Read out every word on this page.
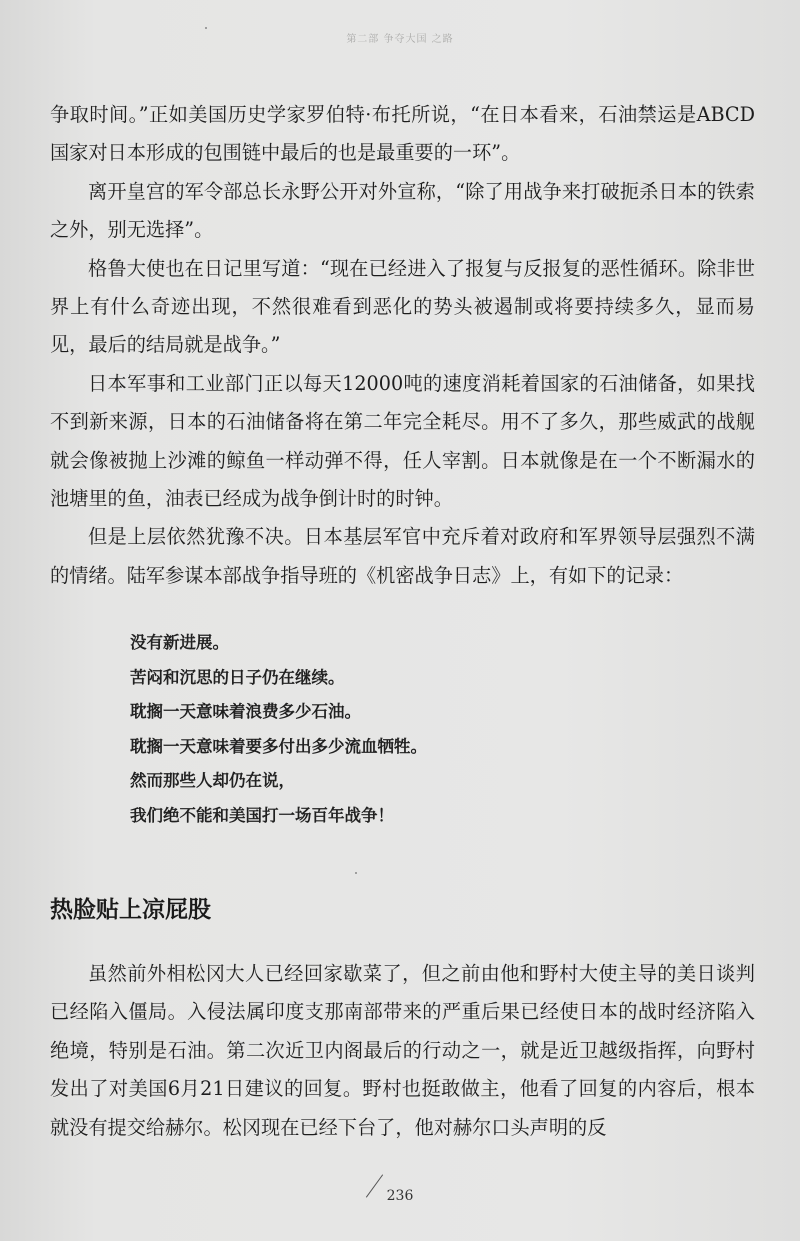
第二部 争夺大国 之路

争取时间。”正如美国历史学家罗伯特·布托所说，“在日本看来，石油禁运是ABCD国家对日本形成的包围链中最后的也是最重要的一环”。

离开皇宫的军令部总长永野公开对外宣称，“除了用战争来打破扼杀日本的铁索之外，别无选择”。

格鲁大使也在日记里写道：“现在已经进入了报复与反报复的恶性循环。除非世界上有什么奇迹出现，不然很难看到恶化的势头被遏制或将要持续多久，显而易见，最后的结局就是战争。”

日本军事和工业部门正以每天12000吨的速度消耗着国家的石油储备，如果找不到新来源，日本的石油储备将在第二年完全耗尽。用不了多久，那些威武的战舰就会像被抛上沙滩的鲸鱼一样动弹不得，任人宰割。日本就像是在一个不断漏水的池塘里的鱼，油表已经成为战争倒计时的时钟。

但是上层依然犹豫不决。日本基层军官中充斥着对政府和军界领导层强烈不满的情绪。陆军参谋本部战争指导班的《机密战争日志》上，有如下的记录：

没有新进展。
苦闷和沉思的日子仍在继续。
耽搁一天意味着浪费多少石油。
耽搁一天意味着要多付出多少流血牺牲。
然而那些人却仍在说，
我们绝不能和美国打一场百年战争！
热脸贴上凉屁股

虽然前外相松冈大人已经回家歇菜了，但之前由他和野村大使主导的美日谈判已经陷入僵局。入侵法属印度支那南部带来的严重后果已经使日本的战时经济陷入绝境，特别是石油。第二次近卫内阁最后的行动之一，就是近卫越级指挥，向野村发出了对美国6月21日建议的回复。野村也挺敢做主，他看了回复的内容后，根本就没有提交给赫尔。松冈现在已经下台了，他对赫尔口头声明的反

236
